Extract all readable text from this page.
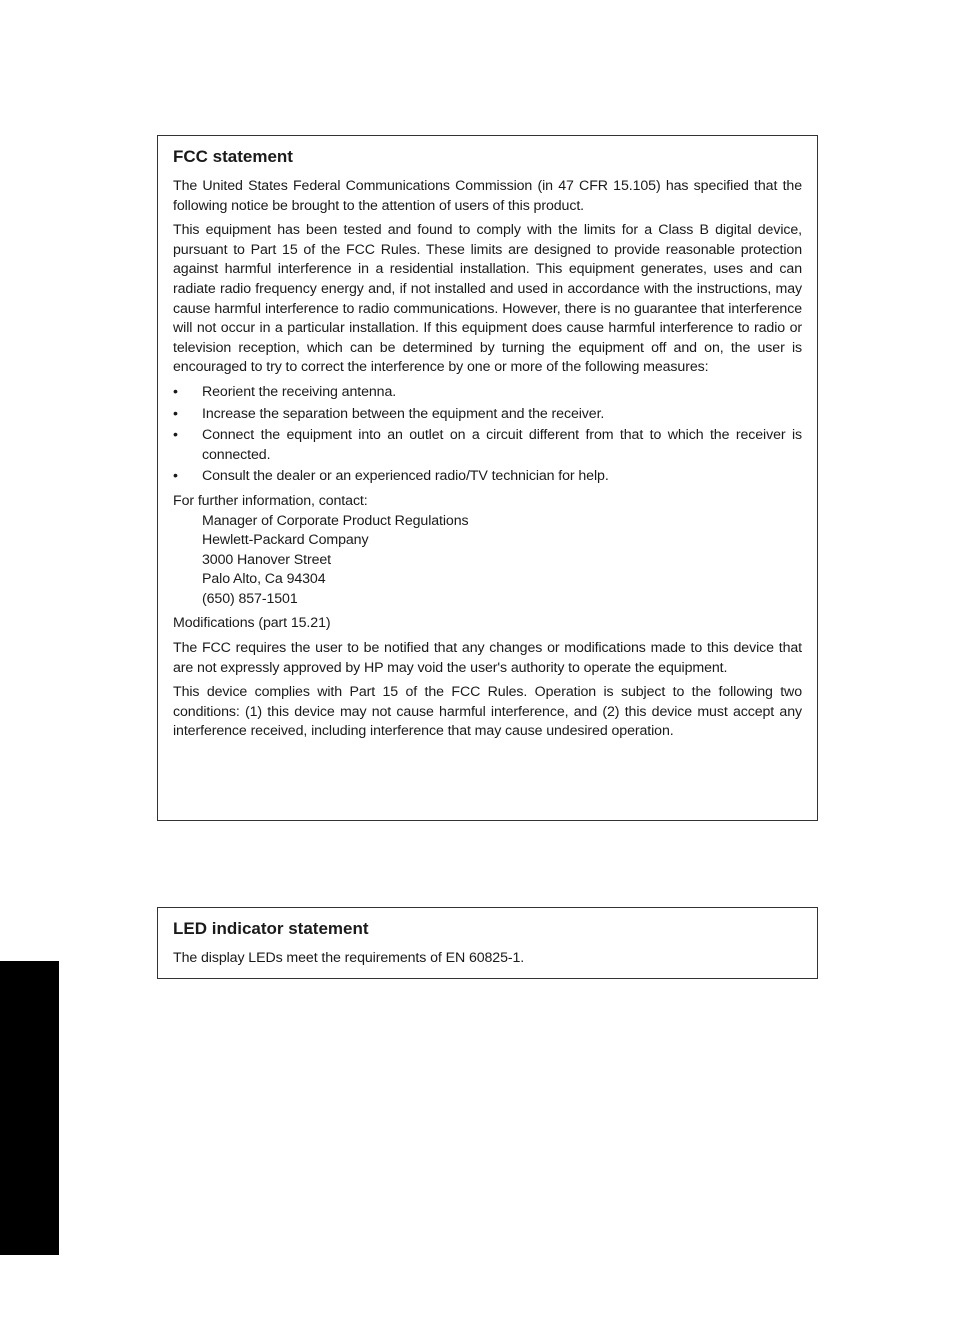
FCC statement

The United States Federal Communications Commission (in 47 CFR 15.105) has specified that the following notice be brought to the attention of users of this product.

This equipment has been tested and found to comply with the limits for a Class B digital device, pursuant to Part 15 of the FCC Rules. These limits are designed to provide reasonable protection against harmful interference in a residential installation. This equipment generates, uses and can radiate radio frequency energy and, if not installed and used in accordance with the instructions, may cause harmful interference to radio communications. However, there is no guarantee that interference will not occur in a particular installation. If this equipment does cause harmful interference to radio or television reception, which can be determined by turning the equipment off and on, the user is encouraged to try to correct the interference by one or more of the following measures:

• Reorient the receiving antenna.
• Increase the separation between the equipment and the receiver.
• Connect the equipment into an outlet on a circuit different from that to which the receiver is connected.
• Consult the dealer or an experienced radio/TV technician for help.
For further information, contact:
Manager of Corporate Product Regulations
Hewlett-Packard Company
3000 Hanover Street
Palo Alto, Ca 94304
(650) 857-1501

Modifications (part 15.21)

The FCC requires the user to be notified that any changes or modifications made to this device that are not expressly approved by HP may void the user's authority to operate the equipment.

This device complies with Part 15 of the FCC Rules. Operation is subject to the following two conditions: (1) this device may not cause harmful interference, and (2) this device must accept any interference received, including interference that may cause undesired operation.

LED indicator statement

The display LEDs meet the requirements of EN 60825-1.
